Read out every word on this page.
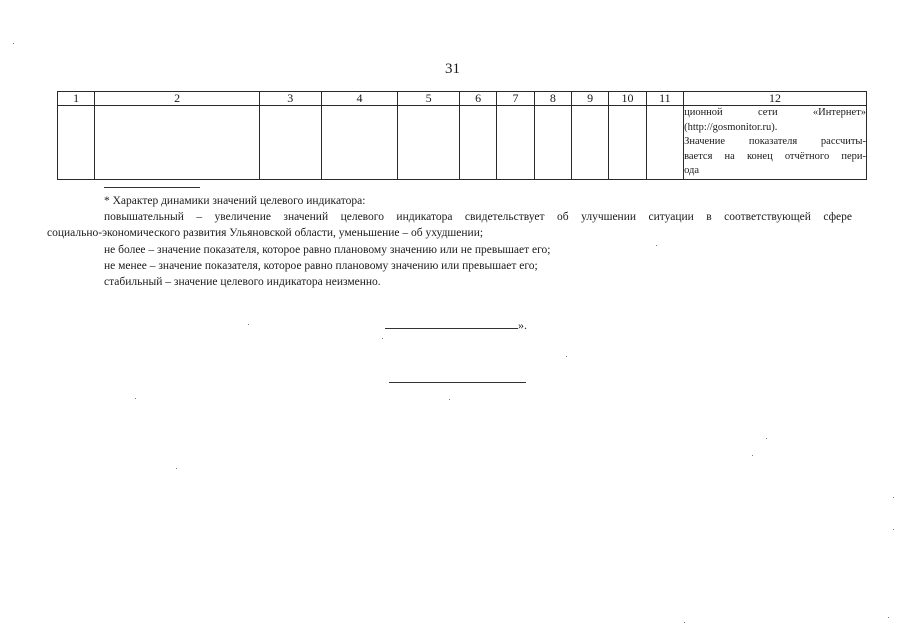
31
1	2	3	4	5	6	7	8	9	10	11	12

											ционной сети «Интернет»
(http://gosmonitor.ru).
Значение показателя рассчиты-
вается на конец отчётного пери-
ода

* Характер динамики значений целевого индикатора:

повышательный – увеличение значений целевого индикатора свидетельствует об улучшении ситуации в соответствующей сфере

социально-экономического развития Ульяновской области, уменьшение – об ухудшении;

не более – значение показателя, которое равно плановому значению или не превышает его;

не менее – значение показателя, которое равно плановому значению или превышает его;

стабильный – значение целевого индикатора неизменно.

».
